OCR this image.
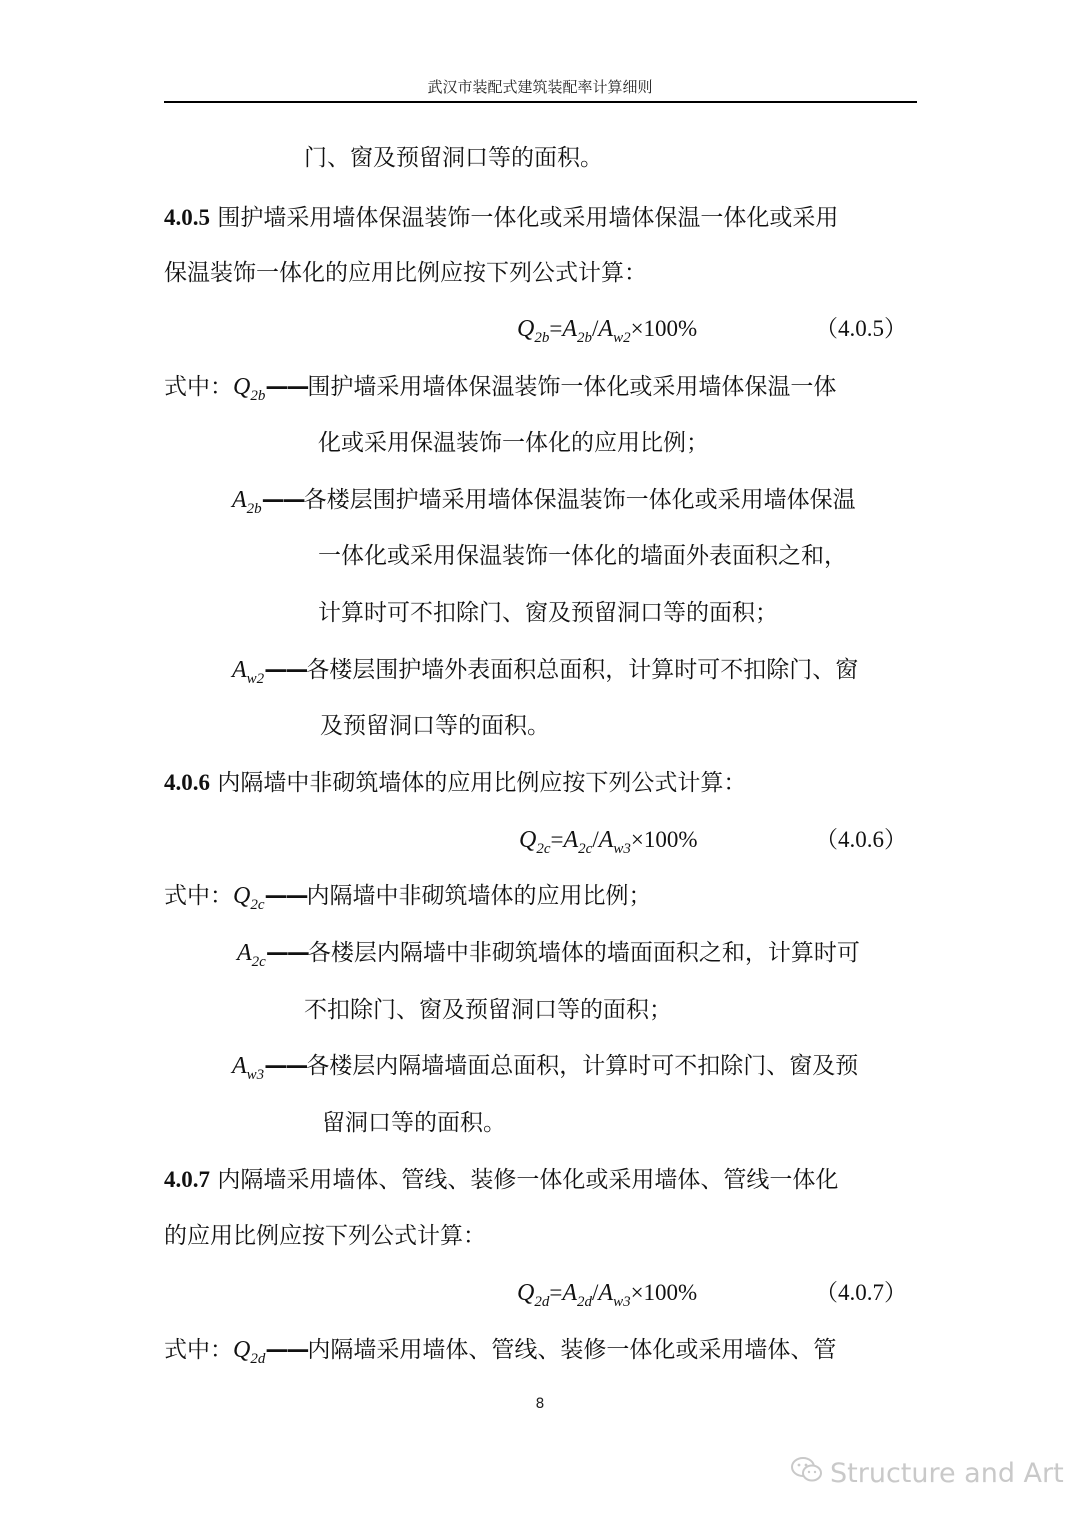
武汉市装配式建筑装配率计算细则
门、窗及预留洞口等的面积。
4.0.5 围护墙采用墙体保温装饰一体化或采用墙体保温一体化或采用
保温装饰一体化的应用比例应按下列公式计算：
$Q_{2b}=A_{2b}/A_{w2}\times 100\%$	（4.0.5）
式中：$Q_{2b}——$围护墙采用墙体保温装饰一体化或采用墙体保温一体
化或采用保温装饰一体化的应用比例；
$A_{2b}——$各楼层围护墙采用墙体保温装饰一体化或采用墙体保温
一体化或采用保温装饰一体化的墙面外表面积之和，
计算时可不扣除门、窗及预留洞口等的面积；
$A_{w2}——$各楼层围护墙外表面积总面积，计算时可不扣除门、窗
及预留洞口等的面积。
4.0.6 内隔墙中非砌筑墙体的应用比例应按下列公式计算：
$Q_{2c}=A_{2c}/A_{w3}\times 100\%$	（4.0.6）
式中：$Q_{2c}——$内隔墙中非砌筑墙体的应用比例；
$A_{2c}——$各楼层内隔墙中非砌筑墙体的墙面面积之和，计算时可
不扣除门、窗及预留洞口等的面积；
$A_{w3}——$各楼层内隔墙墙面总面积，计算时可不扣除门、窗及预
留洞口等的面积。
4.0.7 内隔墙采用墙体、管线、装修一体化或采用墙体、管线一体化
的应用比例应按下列公式计算：
$Q_{2d}=A_{2d}/A_{w3}\times 100\%$	（4.0.7）
式中：$Q_{2d}——$内隔墙采用墙体、管线、装修一体化或采用墙体、管
8
Structure and Art
